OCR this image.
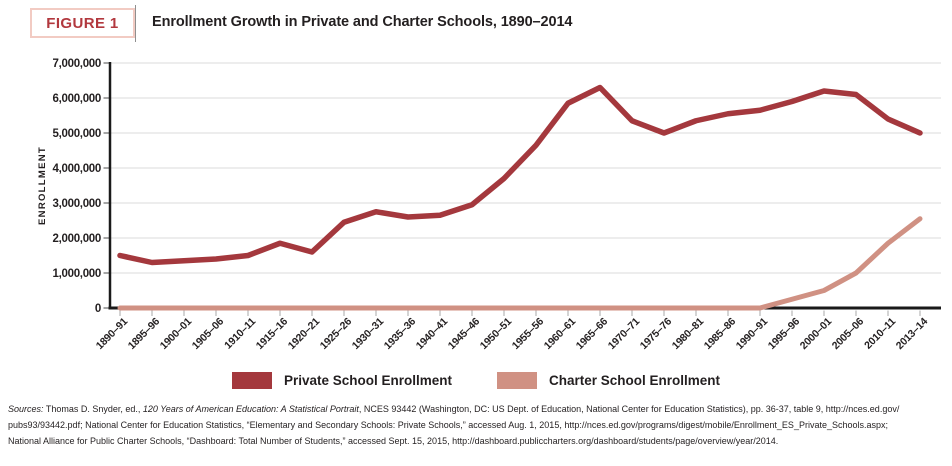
FIGURE 1 Enrollment Growth in Private and Charter Schools, 1890–2014
0
1,000,000
2,000,000
3,000,000
4,000,000
5,000,000
6,000,000
7,000,000
1890–91
1895–96
1900–01
1905–06
1910–11
1915–16
1920–21
1925–26
1930–31
1935–36
1940–41
1945–46
1950–51
1955–56
1960–61
1965–66
1970–71
1975–76
1980–81
1985–86
1990–91
1995–96
2000–01
2005–06
2010–11
2013–14
ENROLLMENT
Private School Enrollment	Charter School Enrollment
Sources: Thomas D. Snyder, ed., 120 Years of American Education: A Statistical Portrait, NCES 93442 (Washington, DC: US Dept. of Education, National Center for Education Statistics), pp. 36-37, table 9, http://nces.ed.gov/
pubs93/93442.pdf; National Center for Education Statistics, “Elementary and Secondary Schools: Private Schools,” accessed Aug. 1, 2015, http://nces.ed.gov/programs/digest/mobile/Enrollment_ES_Private_Schools.aspx;
National Alliance for Public Charter Schools, “Dashboard: Total Number of Students,” accessed Sept. 15, 2015, http://dashboard.publiccharters.org/dashboard/students/page/overview/year/2014.
